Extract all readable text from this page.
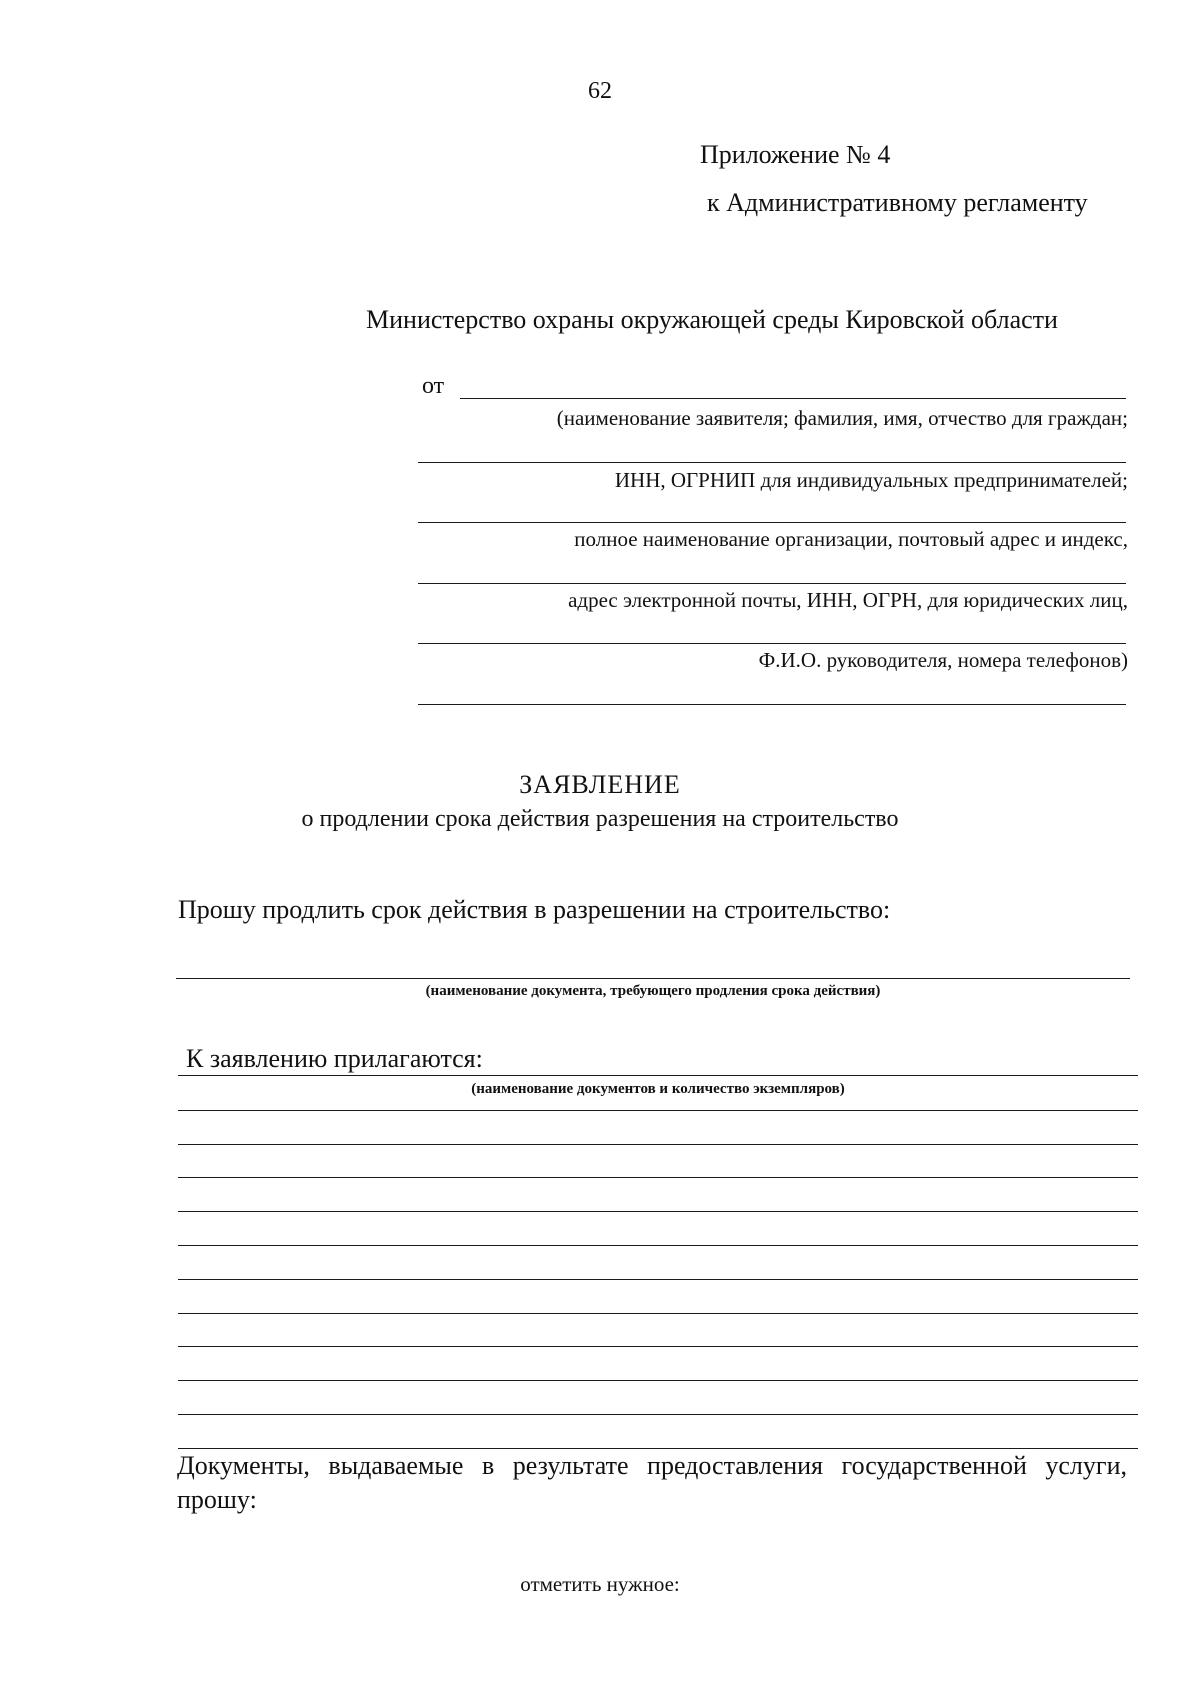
62
Приложение № 4
к Административному регламенту
Министерство охраны окружающей среды Кировской области
от
(наименование заявителя; фамилия, имя, отчество для граждан;
ИНН, ОГРНИП для индивидуальных предпринимателей;
полное наименование организации, почтовый адрес и индекс,
адрес электронной почты, ИНН, ОГРН, для юридических лиц,
Ф.И.О. руководителя, номера телефонов)
ЗАЯВЛЕНИЕ
о продлении срока действия разрешения на строительство
Прошу продлить срок действия в разрешении на строительство:
(наименование документа, требующего продления срока действия)
К заявлению прилагаются:
(наименование документов и количество экземпляров)
Документы, выдаваемые в результате предоставления государственной услуги, прошу:
отметить нужное:
